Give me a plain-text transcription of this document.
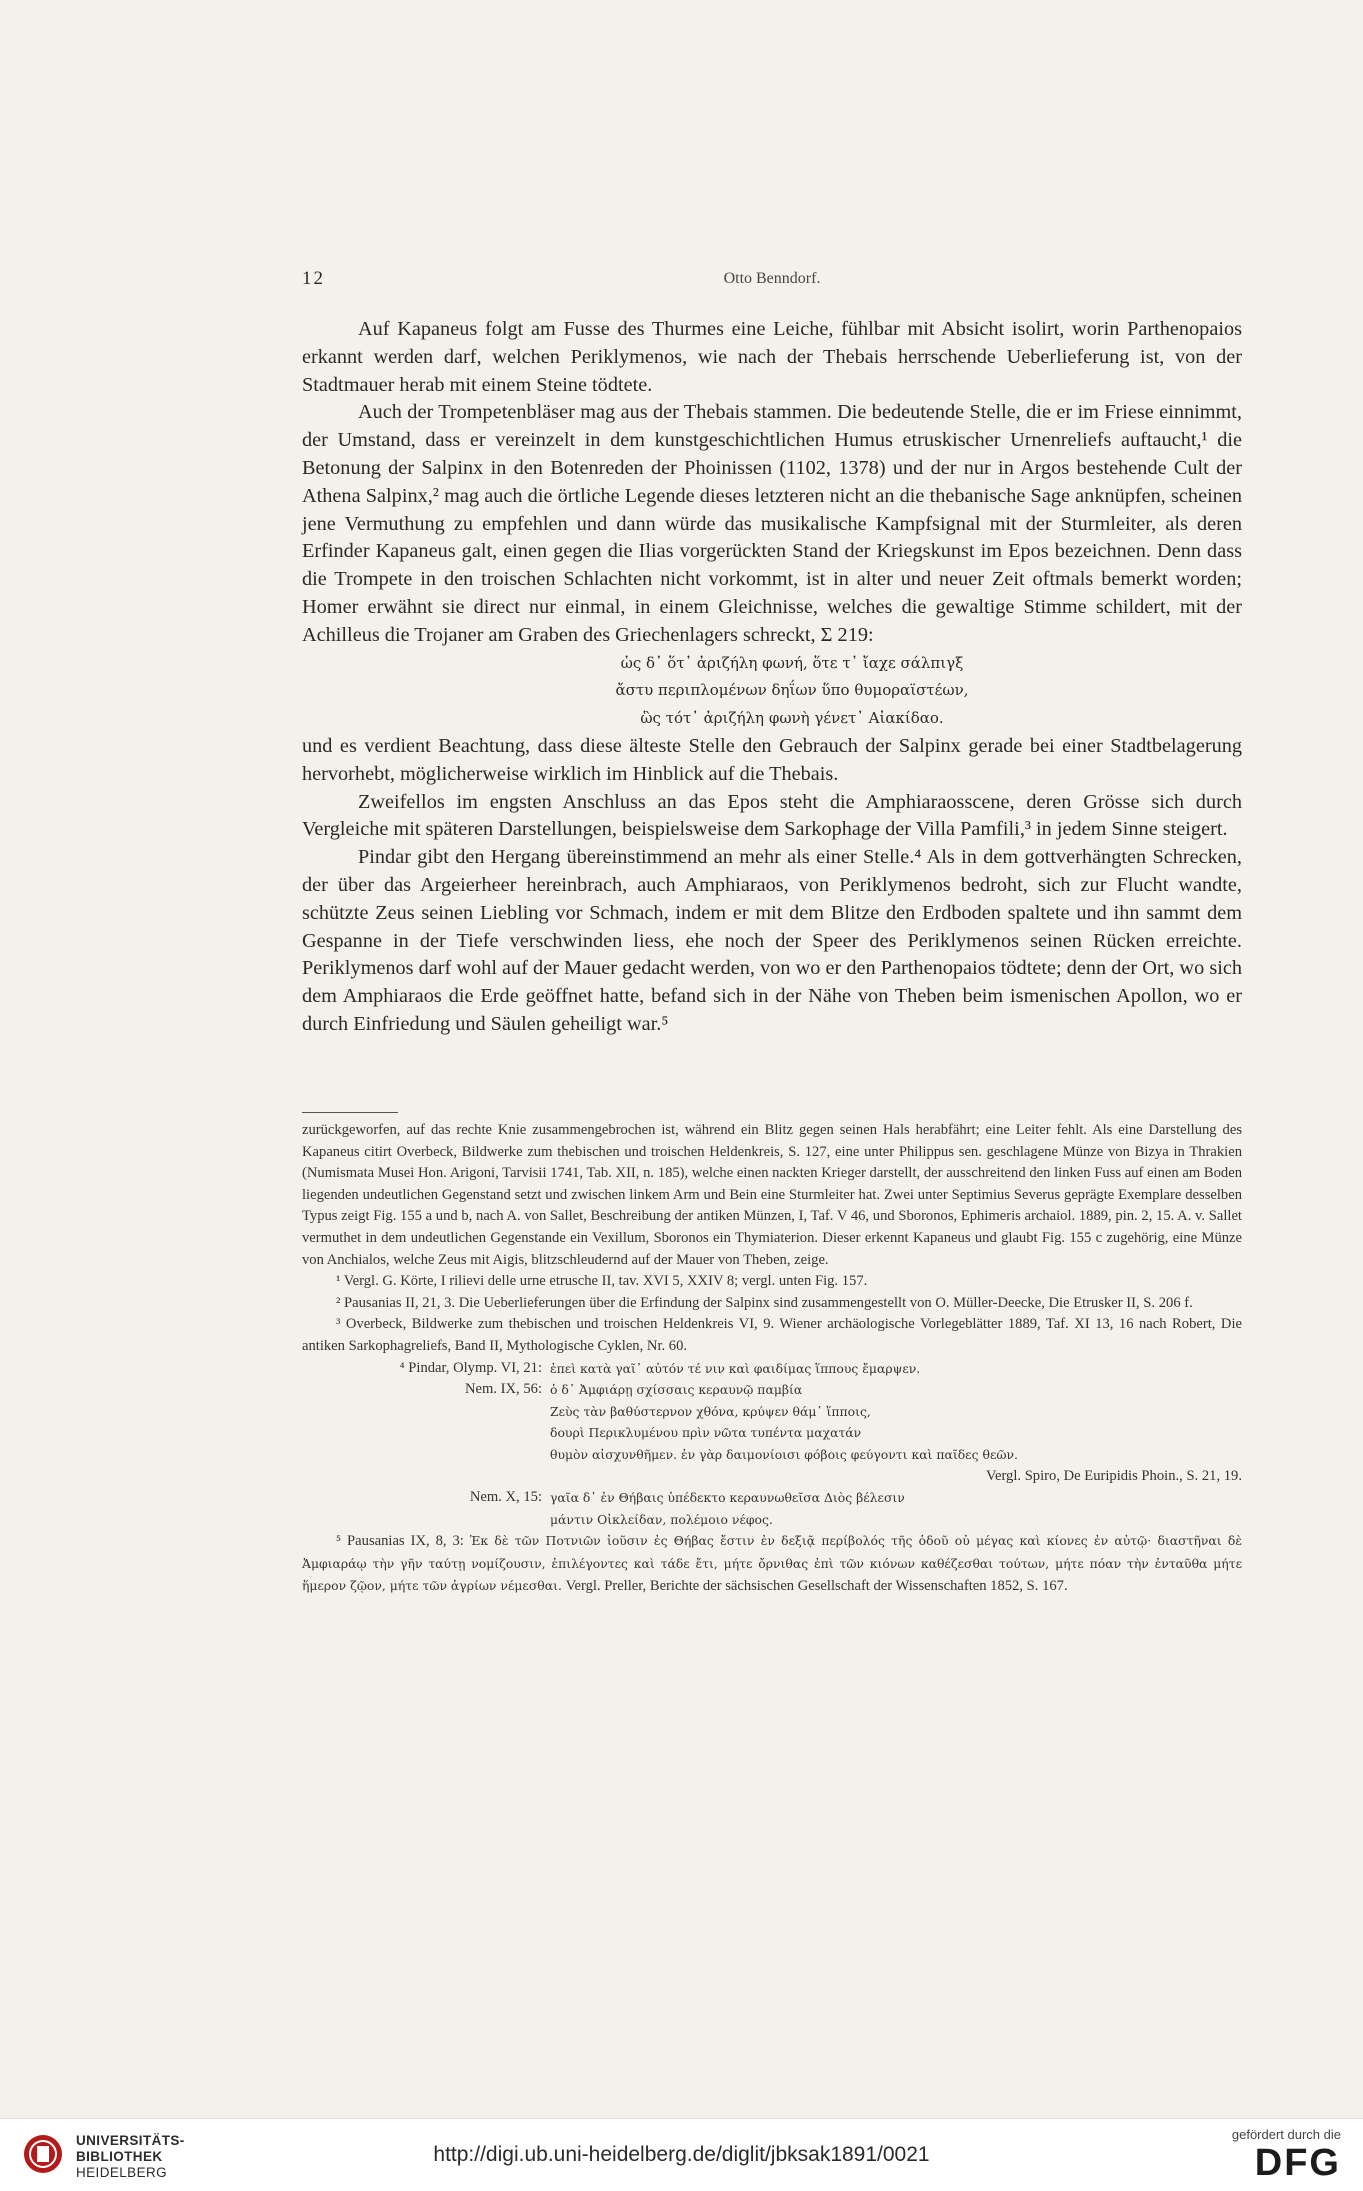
12	Otto Benndorf.

Auf Kapaneus folgt am Fusse des Thurmes eine Leiche, fühlbar mit Absicht isolirt, worin Parthenopaios erkannt werden darf, welchen Periklymenos, wie nach der Thebais herrschende Ueberlieferung ist, von der Stadtmauer herab mit einem Steine tödtete.

Auch der Trompetenbläser mag aus der Thebais stammen. Die bedeutende Stelle, die er im Friese einnimmt, der Umstand, dass er vereinzelt in dem kunstgeschichtlichen Humus etruskischer Urnenreliefs auftaucht,¹ die Betonung der Salpinx in den Botenreden der Phoinissen (1102, 1378) und der nur in Argos bestehende Cult der Athena Salpinx,² mag auch die örtliche Legende dieses letzteren nicht an die thebanische Sage anknüpfen, scheinen jene Vermuthung zu empfehlen und dann würde das musikalische Kampfsignal mit der Sturmleiter, als deren Erfinder Kapaneus galt, einen gegen die Ilias vorgerückten Stand der Kriegskunst im Epos bezeichnen. Denn dass die Trompete in den troischen Schlachten nicht vorkommt, ist in alter und neuer Zeit oftmals bemerkt worden; Homer erwähnt sie direct nur einmal, in einem Gleichnisse, welches die gewaltige Stimme schildert, mit der Achilleus die Trojaner am Graben des Griechenlagers schreckt, Σ 219:

ὡς δ᾽ ὅτ᾽ ἀριζήλη φωνή, ὅτε τ᾽ ἴαχε σάλπιγξ
ἄστυ περιπλομένων δηΐων ὕπο θυμοραϊστέων,
ὣς τότ᾽ ἀριζήλη φωνὴ γένετ᾽ Αἰακίδαο.

und es verdient Beachtung, dass diese älteste Stelle den Gebrauch der Salpinx gerade bei einer Stadtbelagerung hervorhebt, möglicherweise wirklich im Hinblick auf die Thebais.

Zweifellos im engsten Anschluss an das Epos steht die Amphiaraosscene, deren Grösse sich durch Vergleiche mit späteren Darstellungen, beispielsweise dem Sarkophage der Villa Pamfili,³ in jedem Sinne steigert.

Pindar gibt den Hergang übereinstimmend an mehr als einer Stelle.⁴ Als in dem gottverhängten Schrecken, der über das Argeierheer hereinbrach, auch Amphiaraos, von Periklymenos bedroht, sich zur Flucht wandte, schützte Zeus seinen Liebling vor Schmach, indem er mit dem Blitze den Erdboden spaltete und ihn sammt dem Gespanne in der Tiefe verschwinden liess, ehe noch der Speer des Periklymenos seinen Rücken erreichte. Periklymenos darf wohl auf der Mauer gedacht werden, von wo er den Parthenopaios tödtete; denn der Ort, wo sich dem Amphiaraos die Erde geöffnet hatte, befand sich in der Nähe von Theben beim ismenischen Apollon, wo er durch Einfriedung und Säulen geheiligt war.⁵

zurückgeworfen, auf das rechte Knie zusammengebrochen ist, während ein Blitz gegen seinen Hals herabfährt; eine Leiter fehlt. Als eine Darstellung des Kapaneus citirt Overbeck, Bildwerke zum thebischen und troischen Heldenkreis, S. 127, eine unter Philippus sen. geschlagene Münze von Bizya in Thrakien (Numismata Musei Hon. Arigoni, Tarvisii 1741, Tab. XII, n. 185), welche einen nackten Krieger darstellt, der ausschreitend den linken Fuss auf einen am Boden liegenden undeutlichen Gegenstand setzt und zwischen linkem Arm und Bein eine Sturmleiter hat. Zwei unter Septimius Severus geprägte Exemplare desselben Typus zeigt Fig. 155 a und b, nach A. von Sallet, Beschreibung der antiken Münzen, I, Taf. V 46, und Sboronos, Ephimeris archaiol. 1889, pin. 2, 15. A. v. Sallet vermuthet in dem undeutlichen Gegenstande ein Vexillum, Sboronos ein Thymiaterion. Dieser erkennt Kapaneus und glaubt Fig. 155 c zugehörig, eine Münze von Anchialos, welche Zeus mit Aigis, blitzschleudernd auf der Mauer von Theben, zeige.

¹ Vergl. G. Körte, I rilievi delle urne etrusche II, tav. XVI 5, XXIV 8; vergl. unten Fig. 157.

² Pausanias II, 21, 3. Die Ueberlieferungen über die Erfindung der Salpinx sind zusammengestellt von O. Müller-Deecke, Die Etrusker II, S. 206 f.

³ Overbeck, Bildwerke zum thebischen und troischen Heldenkreis VI, 9. Wiener archäologische Vorlegeblätter 1889, Taf. XI 13, 16 nach Robert, Die antiken Sarkophagreliefs, Band II, Mythologische Cyklen, Nr. 60.

⁴ Pindar, Olymp. VI, 21: ἐπεὶ κατὰ γαῖ᾽ αὐτόν τέ νιν καὶ φαιδίμας ἵππους ἔμαρψεν.
Nem. IX, 56: ὁ δ᾽ Ἀμφιάρῃ σχίσσαις κεραυνῷ παμβία
Ζεὺς τὰν βαθύστερνον χθόνα, κρύψεν θάμ᾽ ἵπποις,
δουρὶ Περικλυμένου πρὶν νῶτα τυπέντα μαχατάν
θυμὸν αἰσχυνθῆμεν. ἐν γὰρ δαιμονίοισι φόβοις φεύγοντι καὶ παῖδες θεῶν.

Vergl. Spiro, De Euripidis Phoin., S. 21, 19.

Nem. X, 15: γαῖα δ᾽ ἐν Θήβαις ὑπέδεκτο κεραυνωθεῖσα Διὸς βέλεσιν
μάντιν Οἰκλείδαν, πολέμοιο νέφος.

⁵ Pausanias IX, 8, 3: Ἐκ δὲ τῶν Ποτνιῶν ἰοῦσιν ἐς Θήβας ἔστιν ἐν δεξιᾷ περίβολός τῆς ὁδοῦ οὐ μέγας καὶ κίονες ἐν αὐτῷ· διαστῆναι δὲ Ἀμφιαράῳ τὴν γῆν ταύτῃ νομίζουσιν, ἐπιλέγοντες καὶ τάδε ἔτι, μήτε ὄρνιθας ἐπὶ τῶν κιόνων καθέζεσθαι τούτων, μήτε πόαν τὴν ἐνταῦθα μήτε ἥμερον ζῷον, μήτε τῶν ἀγρίων νέμεσθαι. Vergl. Preller, Berichte der sächsischen Gesellschaft der Wissenschaften 1852, S. 167.

UNIVERSITÄTS-
BIBLIOTHEK
HEIDELBERG
http://digi.ub.uni-heidelberg.de/diglit/jbksak1891/0021
gefördert durch die
DFG
